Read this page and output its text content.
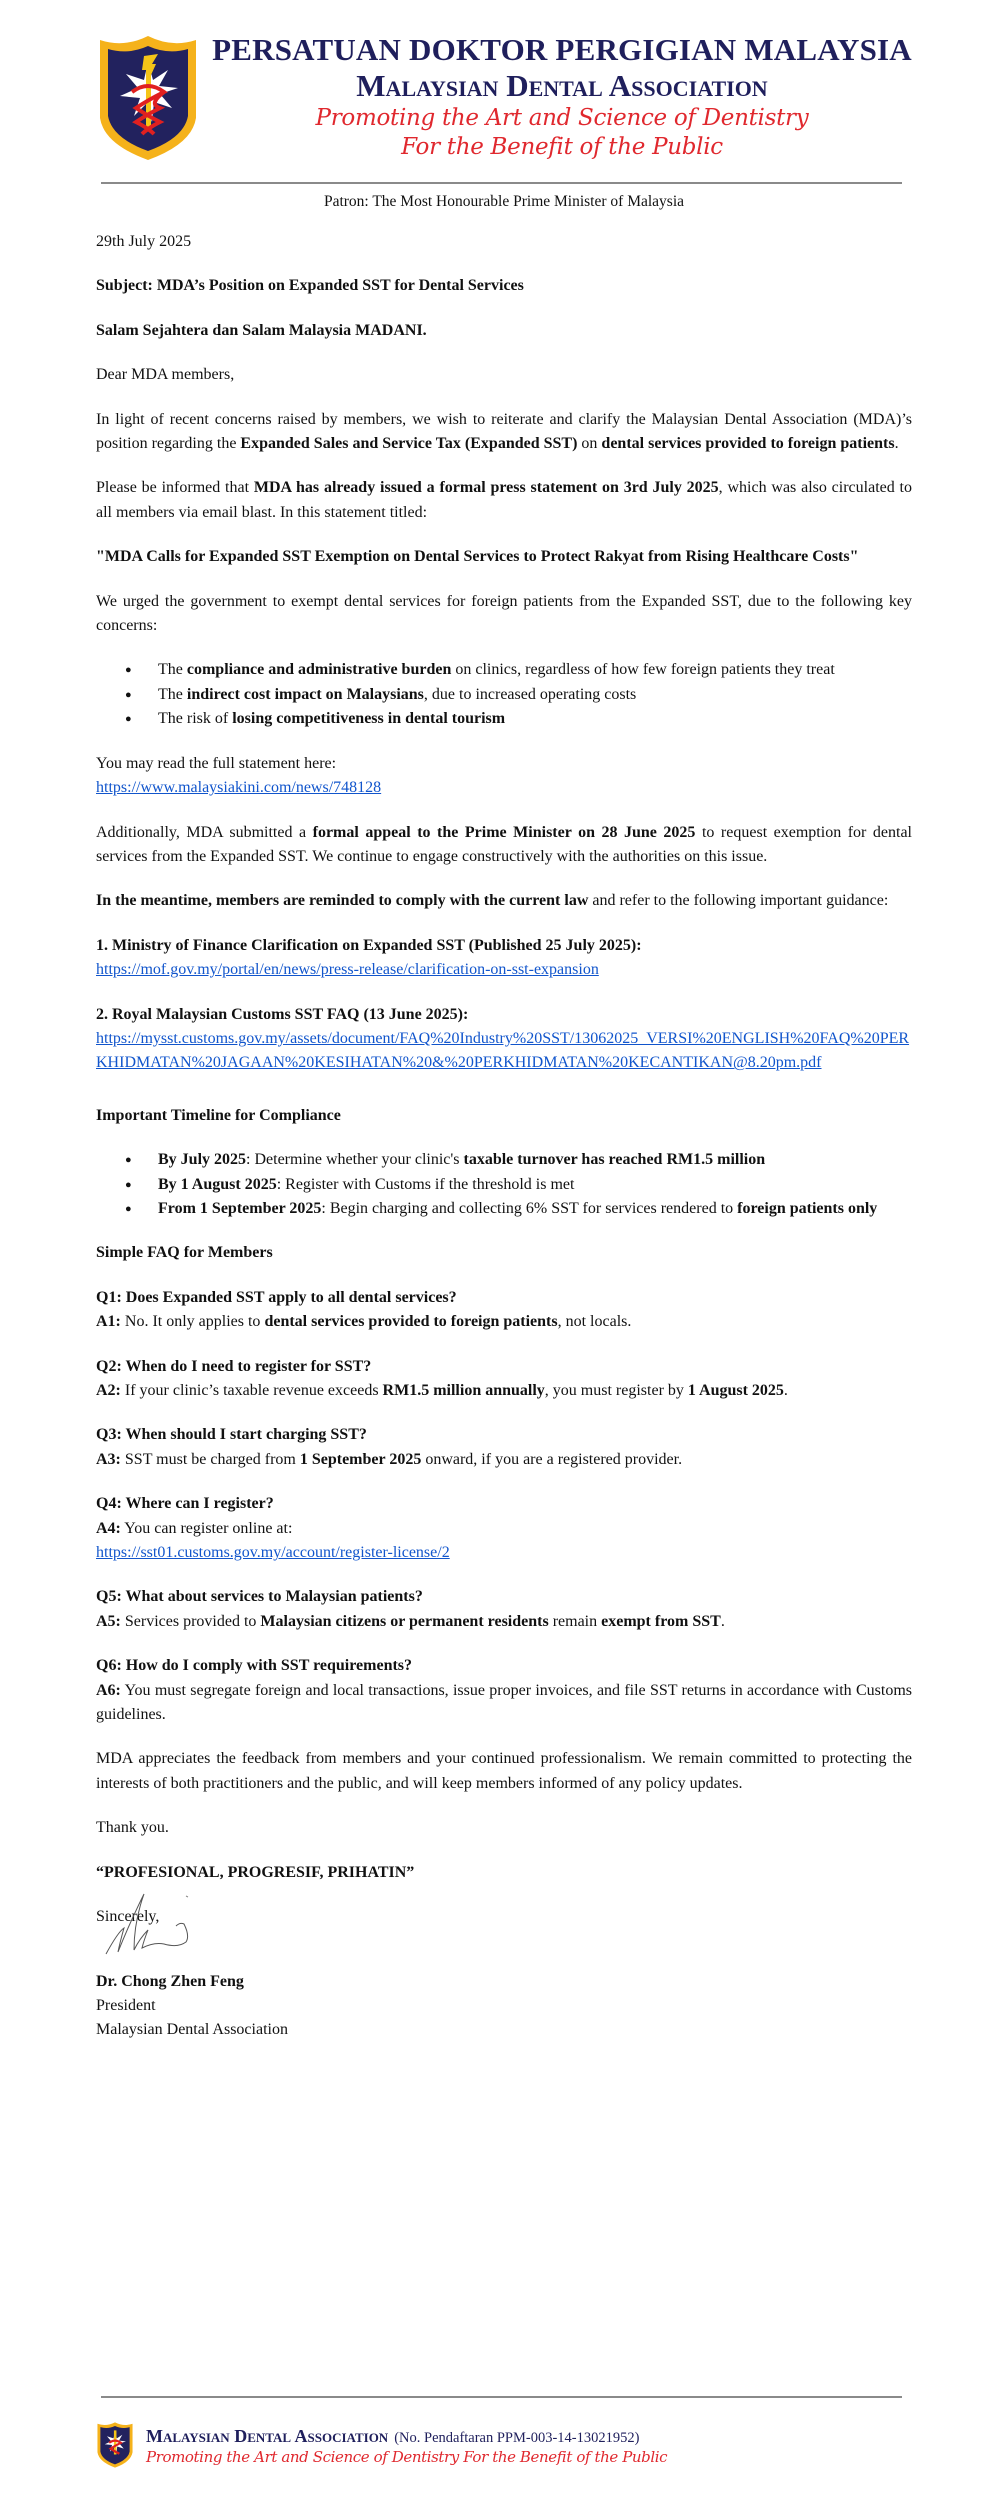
PERSATUAN DOKTOR PERGIGIAN MALAYSIA
Malaysian Dental Association
Promoting the Art and Science of Dentistry
For the Benefit of the Public
Patron: The Most Honourable Prime Minister of Malaysia

29th July 2025

Subject: MDA’s Position on Expanded SST for Dental Services

Salam Sejahtera dan Salam Malaysia MADANI.

Dear MDA members,

In light of recent concerns raised by members, we wish to reiterate and clarify the Malaysian Dental Association (MDA)’s position regarding the Expanded Sales and Service Tax (Expanded SST) on dental services provided to foreign patients.

Please be informed that MDA has already issued a formal press statement on 3rd July 2025, which was also circulated to all members via email blast. In this statement titled:

"MDA Calls for Expanded SST Exemption on Dental Services to Protect Rakyat from Rising Healthcare Costs"

We urged the government to exempt dental services for foreign patients from the Expanded SST, due to the following key concerns:

● The compliance and administrative burden on clinics, regardless of how few foreign patients they treat
● The indirect cost impact on Malaysians, due to increased operating costs
● The risk of losing competitiveness in dental tourism

You may read the full statement here:
https://www.malaysiakini.com/news/748128

Additionally, MDA submitted a formal appeal to the Prime Minister on 28 June 2025 to request exemption for dental services from the Expanded SST. We continue to engage constructively with the authorities on this issue.

In the meantime, members are reminded to comply with the current law and refer to the following important guidance:

1. Ministry of Finance Clarification on Expanded SST (Published 25 July 2025):
https://mof.gov.my/portal/en/news/press-release/clarification-on-sst-expansion

2. Royal Malaysian Customs SST FAQ (13 June 2025):
https://mysst.customs.gov.my/assets/document/FAQ%20Industry%20SST/13062025_VERSI%20ENGLISH%20FAQ%20PERKHIDMATAN%20JAGAAN%20KESIHATAN%20&%20PERKHIDMATAN%20KECANTIKAN@8.20pm.pdf

Important Timeline for Compliance

● By July 2025: Determine whether your clinic's taxable turnover has reached RM1.5 million
● By 1 August 2025: Register with Customs if the threshold is met
● From 1 September 2025: Begin charging and collecting 6% SST for services rendered to foreign patients only

Simple FAQ for Members

Q1: Does Expanded SST apply to all dental services?
A1: No. It only applies to dental services provided to foreign patients, not locals.

Q2: When do I need to register for SST?
A2: If your clinic’s taxable revenue exceeds RM1.5 million annually, you must register by 1 August 2025.

Q3: When should I start charging SST?
A3: SST must be charged from 1 September 2025 onward, if you are a registered provider.

Q4: Where can I register?
A4: You can register online at:
https://sst01.customs.gov.my/account/register-license/2

Q5: What about services to Malaysian patients?
A5: Services provided to Malaysian citizens or permanent residents remain exempt from SST.

Q6: How do I comply with SST requirements?
A6: You must segregate foreign and local transactions, issue proper invoices, and file SST returns in accordance with Customs guidelines.

MDA appreciates the feedback from members and your continued professionalism. We remain committed to protecting the interests of both practitioners and the public, and will keep members informed of any policy updates.

Thank you.

“PROFESIONAL, PROGRESIF, PRIHATIN”

Sincerely,

Dr. Chong Zhen Feng
President
Malaysian Dental Association
Malaysian Dental Association (No. Pendaftaran PPM-003-14-13021952)
Promoting the Art and Science of Dentistry For the Benefit of the Public
